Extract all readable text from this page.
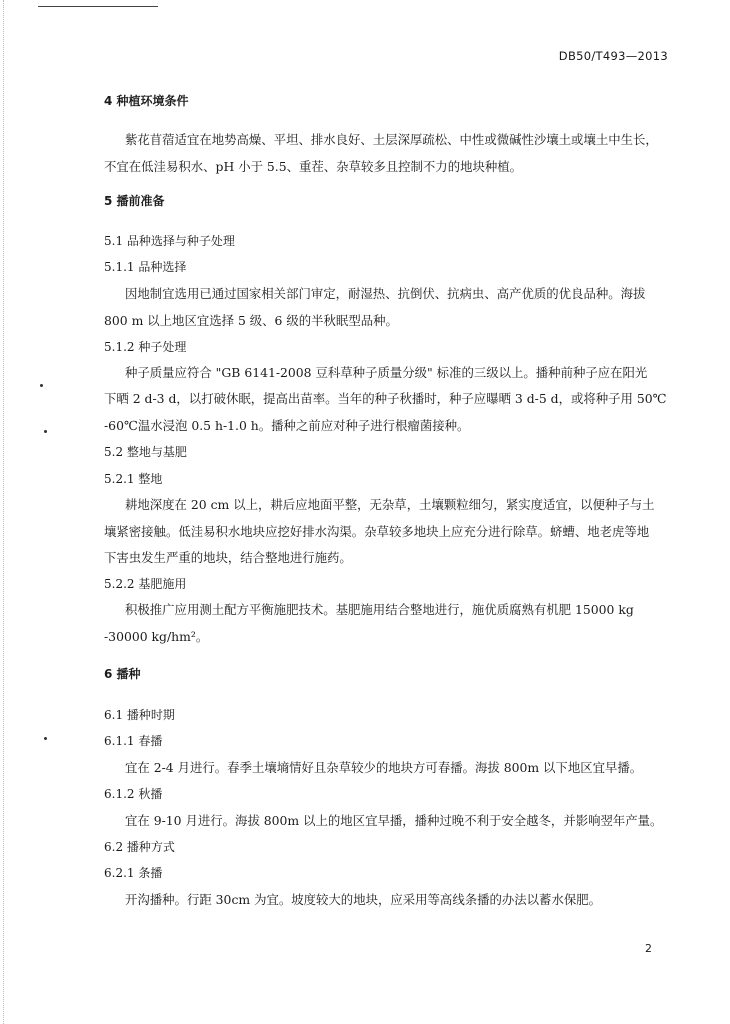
DB50/T493—2013
4 种植环境条件
紫花苜蓿适宜在地势高燥、平坦、排水良好、土层深厚疏松、中性或微碱性沙壤土或壤土中生长，
不宜在低洼易积水、pH 小于 5.5、重茬、杂草较多且控制不力的地块种植。
5 播前准备
5.1 品种选择与种子处理
5.1.1 品种选择
因地制宜选用已通过国家相关部门审定，耐湿热、抗倒伏、抗病虫、高产优质的优良品种。海拔
800 m 以上地区宜选择 5 级、6 级的半秋眠型品种。
5.1.2 种子处理
种子质量应符合 "GB 6141-2008 豆科草种子质量分级" 标准的三级以上。播种前种子应在阳光
下晒 2 d-3 d，以打破休眠，提高出苗率。当年的种子秋播时，种子应曝晒 3 d-5 d，或将种子用 50℃
-60℃温水浸泡 0.5 h-1.0 h。播种之前应对种子进行根瘤菌接种。
5.2 整地与基肥
5.2.1 整地
耕地深度在 20 cm 以上，耕后应地面平整，无杂草，土壤颗粒细匀，紧实度适宜，以便种子与土
壤紧密接触。低洼易积水地块应挖好排水沟渠。杂草较多地块上应充分进行除草。蛴螬、地老虎等地
下害虫发生严重的地块，结合整地进行施药。
5.2.2 基肥施用
积极推广应用测土配方平衡施肥技术。基肥施用结合整地进行，施优质腐熟有机肥 15000 kg
-30000 kg/hm²。
6 播种
6.1 播种时期
6.1.1 春播
宜在 2-4 月进行。春季土壤墒情好且杂草较少的地块方可春播。海拔 800m 以下地区宜早播。
6.1.2 秋播
宜在 9-10 月进行。海拔 800m 以上的地区宜早播，播种过晚不利于安全越冬，并影响翌年产量。
6.2 播种方式
6.2.1 条播
开沟播种。行距 30cm 为宜。坡度较大的地块，应采用等高线条播的办法以蓄水保肥。
2
